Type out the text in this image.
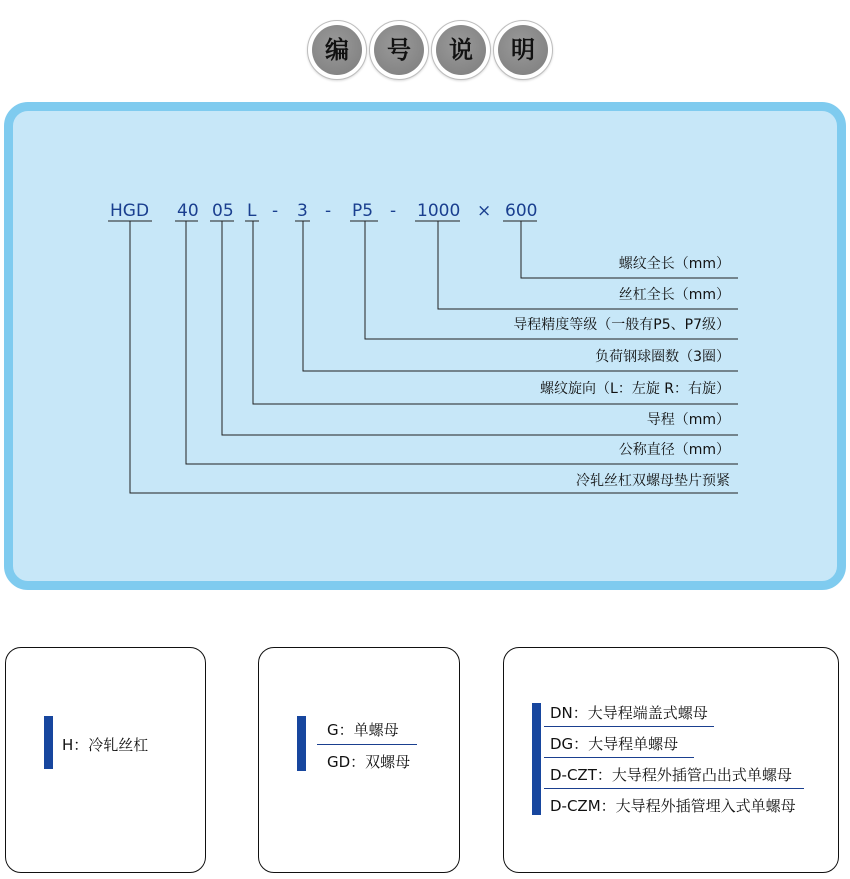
编	号	说	明
HGD 40 05 L - 3 - P5 - 1000 × 600
螺纹全长（mm）
丝杠全长（mm）
导程精度等级（一般有P5、P7级）
负荷钢球圈数（3圈）
螺纹旋向（L：左旋 R：右旋）
导程（mm）
公称直径（mm）
冷轧丝杠双螺母垫片预紧
H：冷轧丝杠
G：单螺母
GD：双螺母
DN：大导程端盖式螺母
DG：大导程单螺母
D-CZT：大导程外插管凸出式单螺母
D-CZM：大导程外插管埋入式单螺母
